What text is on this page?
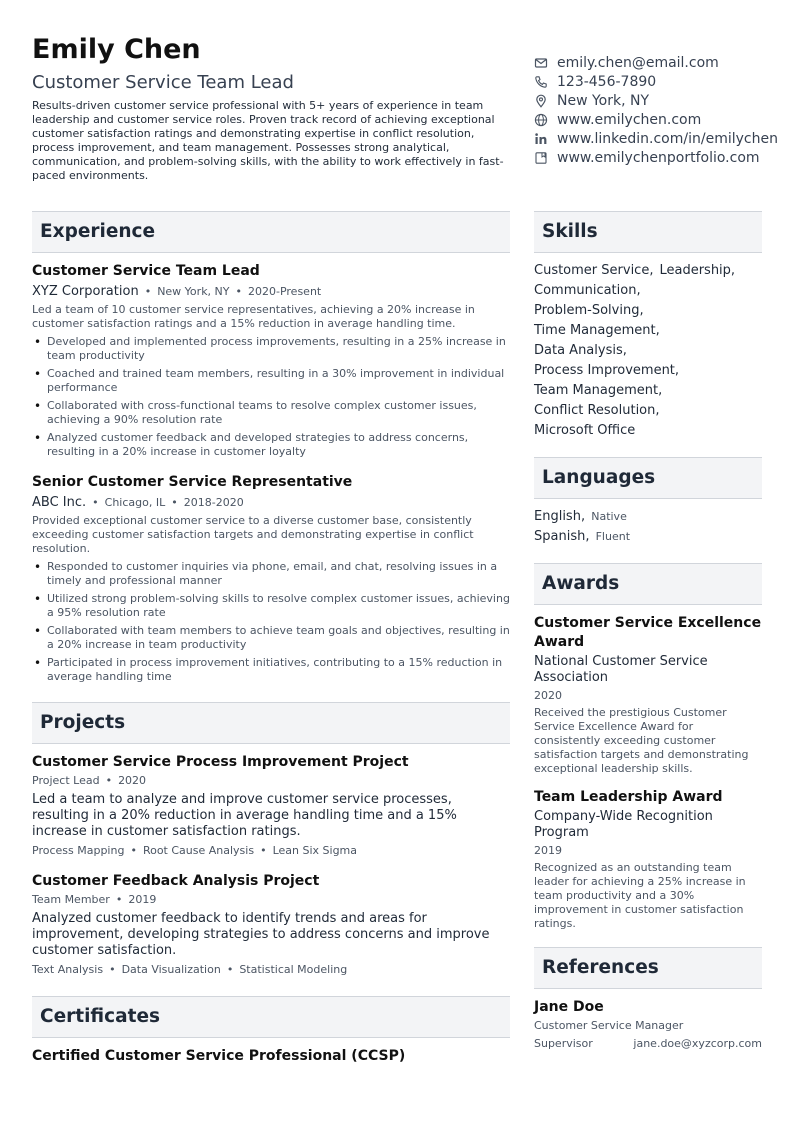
Emily Chen
Customer Service Team Lead

Results-driven customer service professional with 5+ years of experience in team leadership and customer service roles. Proven track record of achieving exceptional customer satisfaction ratings and demonstrating expertise in conflict resolution, process improvement, and team management. Possesses strong analytical, communication, and problem-solving skills, with the ability to work effectively in fast-paced environments.

emily.chen@email.com
123-456-7890
New York, NY
www.emilychen.com
www.linkedin.com/in/emilychen
www.emilychenportfolio.com
Experience
Customer Service Team Lead
XYZ Corporation • New York, NY • 2020-Present

Led a team of 10 customer service representatives, achieving a 20% increase in customer satisfaction ratings and a 15% reduction in average handling time.

• Developed and implemented process improvements, resulting in a 25% increase in team productivity
• Coached and trained team members, resulting in a 30% improvement in individual performance
• Collaborated with cross-functional teams to resolve complex customer issues, achieving a 90% resolution rate
• Analyzed customer feedback and developed strategies to address concerns, resulting in a 20% increase in customer loyalty
Senior Customer Service Representative
ABC Inc. • Chicago, IL • 2018-2020

Provided exceptional customer service to a diverse customer base, consistently exceeding customer satisfaction targets and demonstrating expertise in conflict resolution.

• Responded to customer inquiries via phone, email, and chat, resolving issues in a timely and professional manner
• Utilized strong problem-solving skills to resolve complex customer issues, achieving a 95% resolution rate
• Collaborated with team members to achieve team goals and objectives, resulting in a 20% increase in team productivity
• Participated in process improvement initiatives, contributing to a 15% reduction in average handling time
Projects
Customer Service Process Improvement Project
Project Lead • 2020

Led a team to analyze and improve customer service processes, resulting in a 20% reduction in average handling time and a 15% increase in customer satisfaction ratings.

Process Mapping • Root Cause Analysis • Lean Six Sigma
Customer Feedback Analysis Project
Team Member • 2019

Analyzed customer feedback to identify trends and areas for improvement, developing strategies to address concerns and improve customer satisfaction.

Text Analysis • Data Visualization • Statistical Modeling
Certificates
Certified Customer Service Professional (CCSP)
Skills
Customer Service, Leadership,
Communication,
Problem-Solving,
Time Management,
Data Analysis,
Process Improvement,
Team Management,
Conflict Resolution,
Microsoft Office
Languages
English, Native
Spanish, Fluent
Awards
Customer Service Excellence Award
National Customer Service Association
2020

Received the prestigious Customer Service Excellence Award for consistently exceeding customer satisfaction targets and demonstrating exceptional leadership skills.

Team Leadership Award
Company-Wide Recognition Program
2019

Recognized as an outstanding team leader for achieving a 25% increase in team productivity and a 30% improvement in customer satisfaction ratings.

References
Jane Doe
Customer Service Manager
Supervisor	jane.doe@xyzcorp.com
